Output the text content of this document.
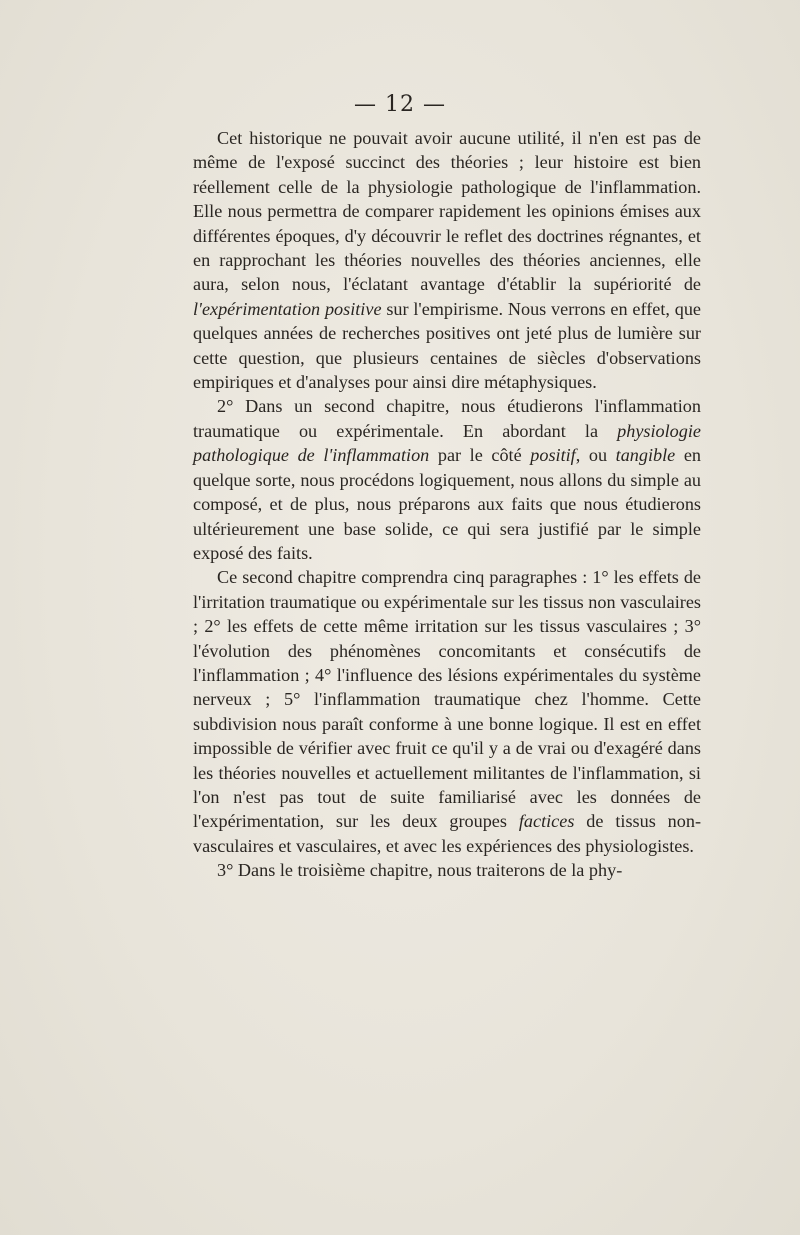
— 12 —

Cet historique ne pouvait avoir aucune utilité, il n'en est pas de même de l'exposé succinct des théories ; leur histoire est bien réellement celle de la physiologie pathologique de l'inflammation. Elle nous permettra de comparer rapidement les opinions émises aux différentes époques, d'y découvrir le reflet des doctrines régnantes, et en rapprochant les théories nouvelles des théories anciennes, elle aura, selon nous, l'éclatant avantage d'établir la supériorité de l'expérimentation positive sur l'empirisme. Nous verrons en effet, que quelques années de recherches positives ont jeté plus de lumière sur cette question, que plusieurs centaines de siècles d'observations empiriques et d'analyses pour ainsi dire métaphysiques.

2° Dans un second chapitre, nous étudierons l'inflammation traumatique ou expérimentale. En abordant la physiologie pathologique de l'inflammation par le côté positif, ou tangible en quelque sorte, nous procédons logiquement, nous allons du simple au composé, et de plus, nous préparons aux faits que nous étudierons ultérieurement une base solide, ce qui sera justifié par le simple exposé des faits.

Ce second chapitre comprendra cinq paragraphes : 1° les effets de l'irritation traumatique ou expérimentale sur les tissus non vasculaires ; 2° les effets de cette même irritation sur les tissus vasculaires ; 3° l'évolution des phénomènes concomitants et consécutifs de l'inflammation ; 4° l'influence des lésions expérimentales du système nerveux ; 5° l'inflammation traumatique chez l'homme. Cette subdivision nous paraît conforme à une bonne logique. Il est en effet impossible de vérifier avec fruit ce qu'il y a de vrai ou d'exagéré dans les théories nouvelles et actuellement militantes de l'inflammation, si l'on n'est pas tout de suite familiarisé avec les données de l'expérimentation, sur les deux groupes factices de tissus non-vasculaires et vasculaires, et avec les expériences des physiologistes.

3° Dans le troisième chapitre, nous traiterons de la phy-
